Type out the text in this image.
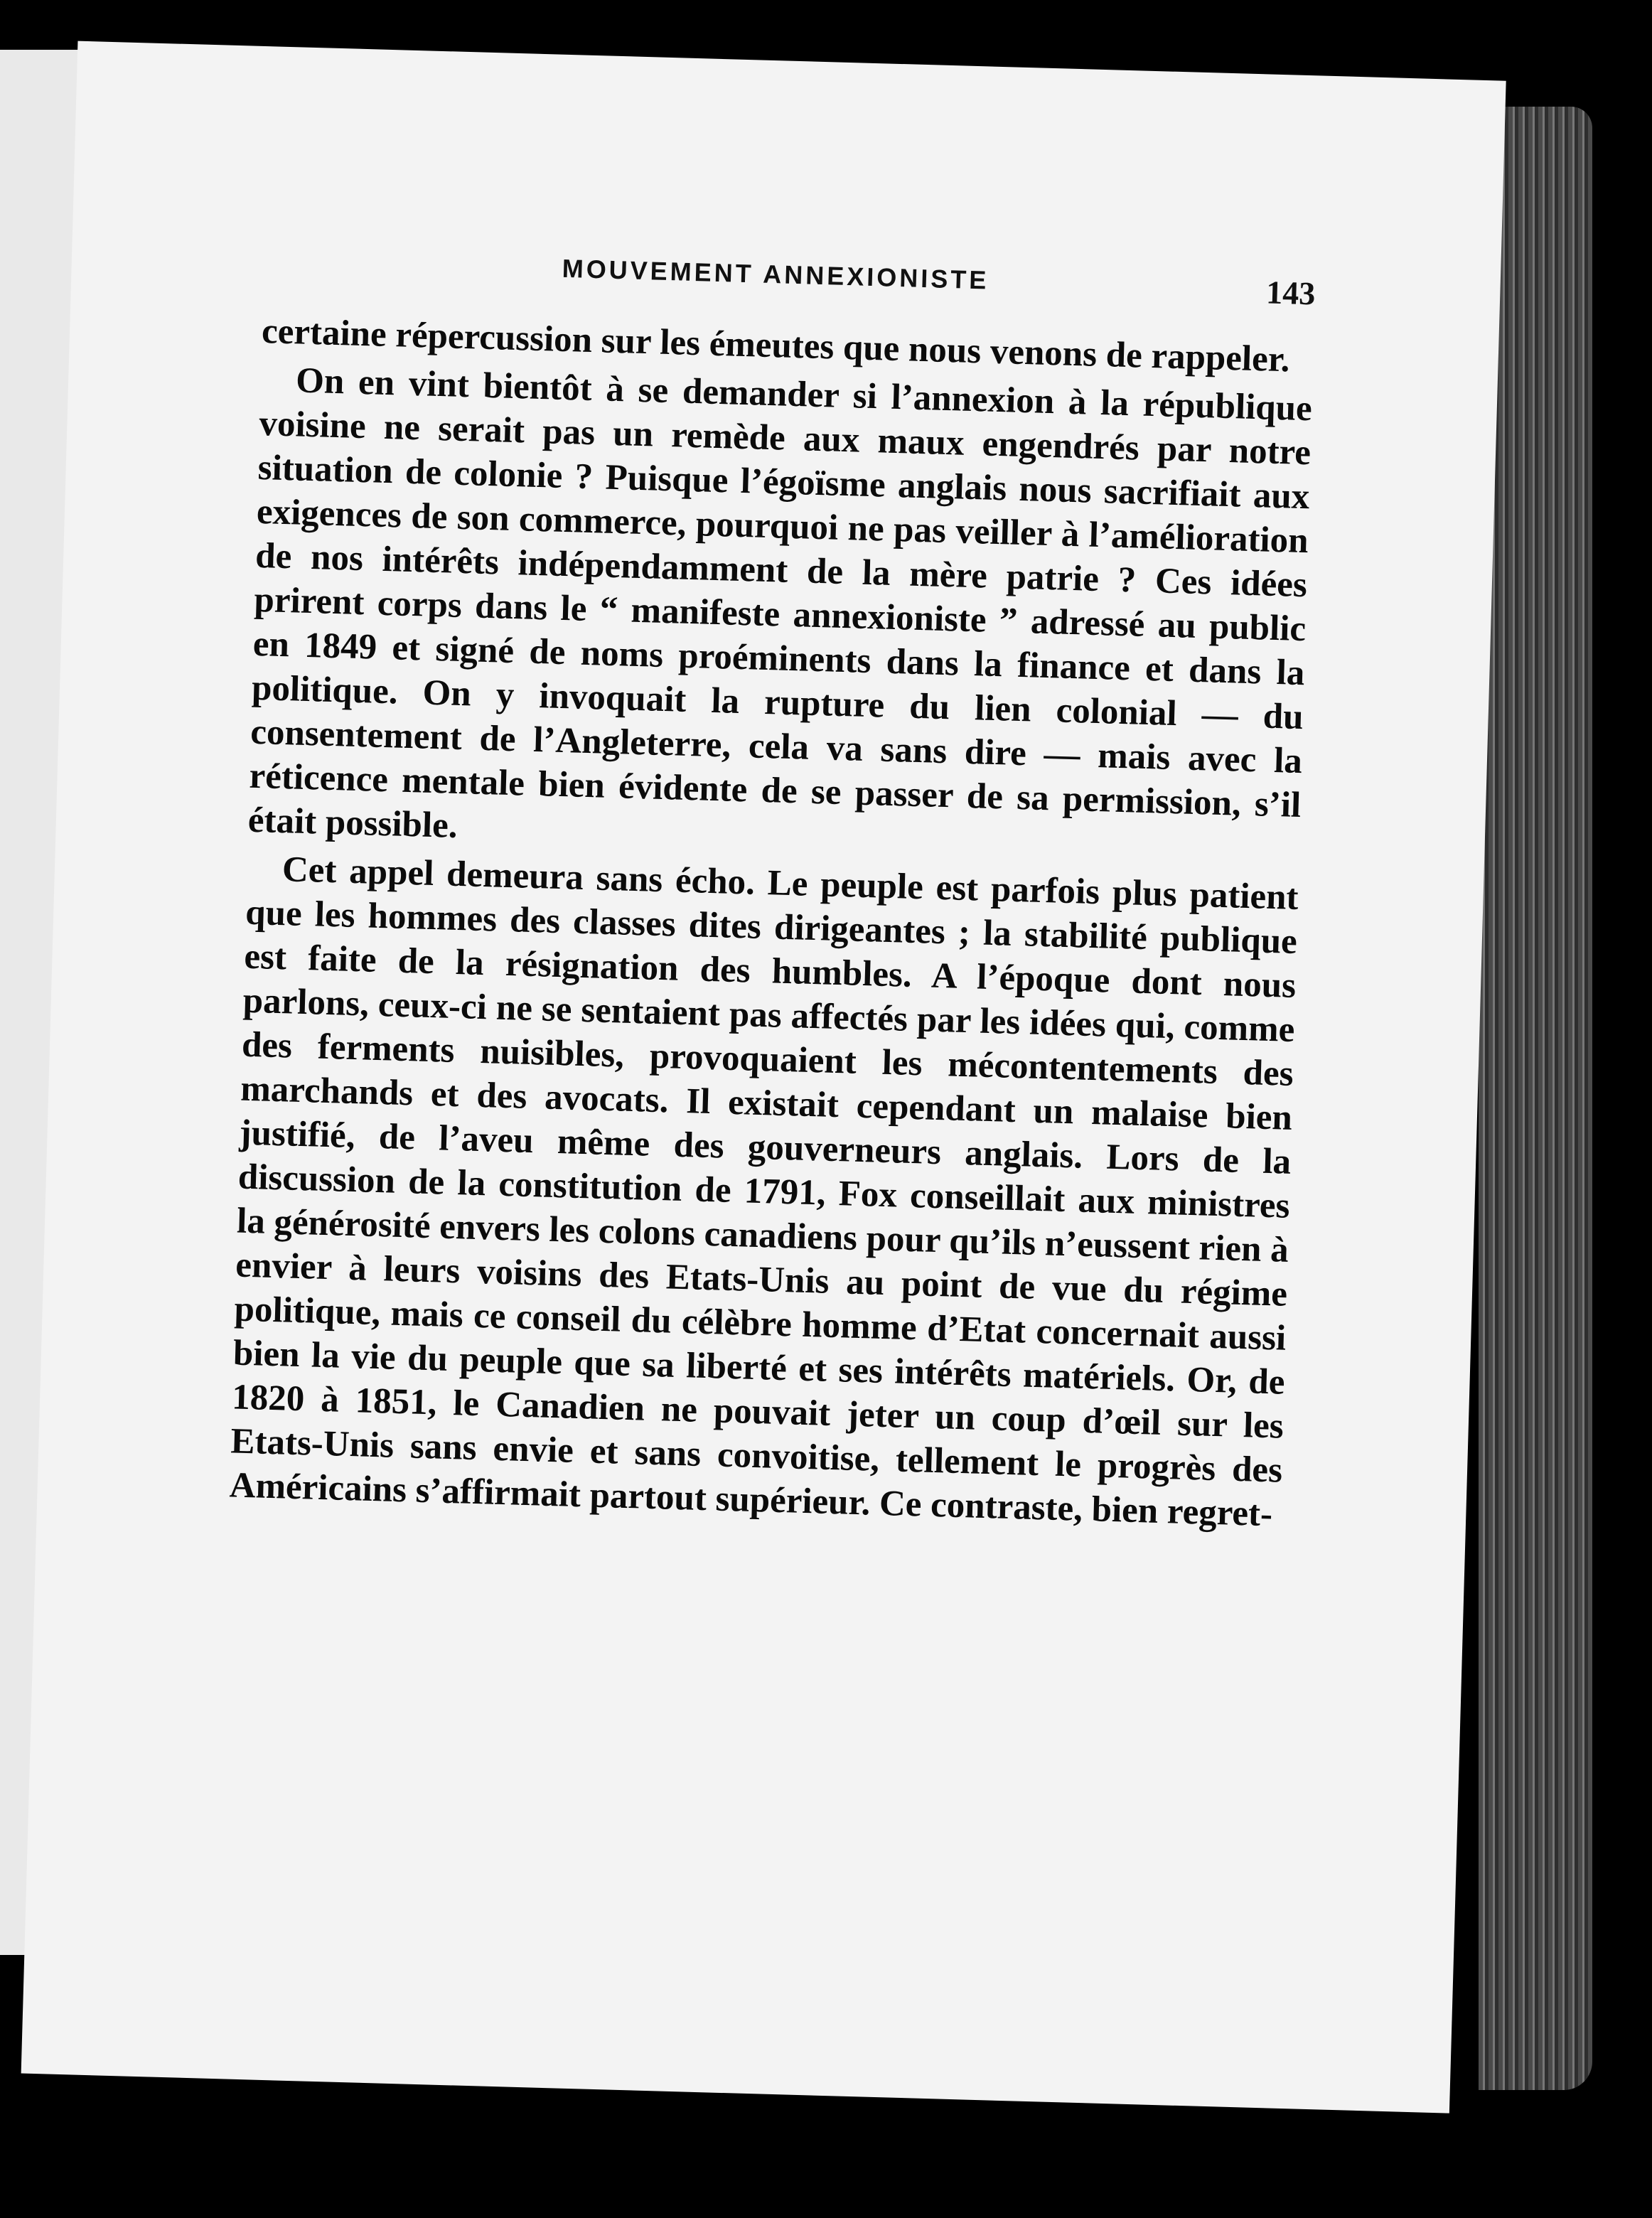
MOUVEMENT ANNEXIONISTE	143

certaine répercussion sur les émeutes que nous venons de rappeler.

On en vint bientôt à se demander si l’annexion à la république voisine ne serait pas un remède aux maux engendrés par notre situation de colonie ? Puisque l’égoïsme anglais nous sacrifiait aux exigences de son commerce, pourquoi ne pas veiller à l’amélioration de nos intérêts indépendamment de la mère patrie ? Ces idées prirent corps dans le “ manifeste annexioniste ” adressé au public en 1849 et signé de noms proéminents dans la finance et dans la politique. On y invoquait la rupture du lien colonial — du consentement de l’Angleterre, cela va sans dire — mais avec la réticence mentale bien évidente de se passer de sa permission, s’il était possible.

Cet appel demeura sans écho. Le peuple est parfois plus patient que les hommes des classes dites dirigeantes ; la stabilité publique est faite de la résignation des humbles. A l’époque dont nous parlons, ceux-ci ne se sentaient pas affectés par les idées qui, comme des ferments nuisibles, provoquaient les mécontentements des marchands et des avocats. Il existait cependant un malaise bien justifié, de l’aveu même des gouverneurs anglais. Lors de la discussion de la constitution de 1791, Fox conseillait aux ministres la générosité envers les colons canadiens pour qu’ils n’eussent rien à envier à leurs voisins des Etats-Unis au point de vue du régime politique, mais ce conseil du célèbre homme d’Etat concernait aussi bien la vie du peuple que sa liberté et ses intérêts matériels. Or, de 1820 à 1851, le Canadien ne pouvait jeter un coup d’œil sur les Etats-Unis sans envie et sans convoitise, tellement le progrès des Américains s’affirmait partout supérieur. Ce contraste, bien regret-
